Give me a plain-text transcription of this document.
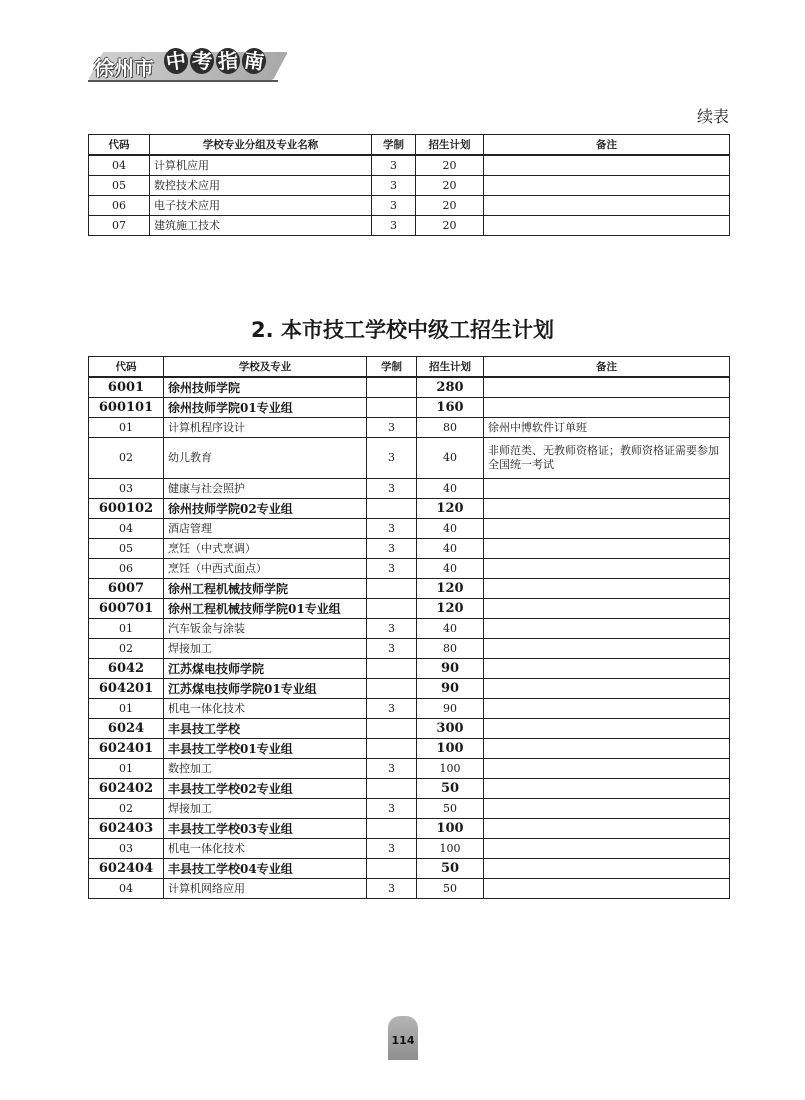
徐州市 中 考 指 南
续表
代码	学校专业分组及专业名称	学制	招生计划	备注
04	计算机应用	3	20	
05	数控技术应用	3	20	
06	电子技术应用	3	20	
07	建筑施工技术	3	20	
2. 本市技工学校中级工招生计划
代码	学校及专业	学制	招生计划	备注
6001	徐州技师学院		280	
600101	徐州技师学院01专业组		160	
01	计算机程序设计	3	80	徐州中博软件订单班
02	幼儿教育	3	40	非师范类、无教师资格证；教师资格证需要参加全国统一考试
03	健康与社会照护	3	40	
600102	徐州技师学院02专业组		120	
04	酒店管理	3	40	
05	烹饪（中式烹调）	3	40	
06	烹饪（中西式面点）	3	40	
6007	徐州工程机械技师学院		120	
600701	徐州工程机械技师学院01专业组		120	
01	汽车钣金与涂装	3	40	
02	焊接加工	3	80	
6042	江苏煤电技师学院		90	
604201	江苏煤电技师学院01专业组		90	
01	机电一体化技术	3	90	
6024	丰县技工学校		300	
602401	丰县技工学校01专业组		100	
01	数控加工	3	100	
602402	丰县技工学校02专业组		50	
02	焊接加工	3	50	
602403	丰县技工学校03专业组		100	
03	机电一体化技术	3	100	
602404	丰县技工学校04专业组		50	
04	计算机网络应用	3	50	
114
